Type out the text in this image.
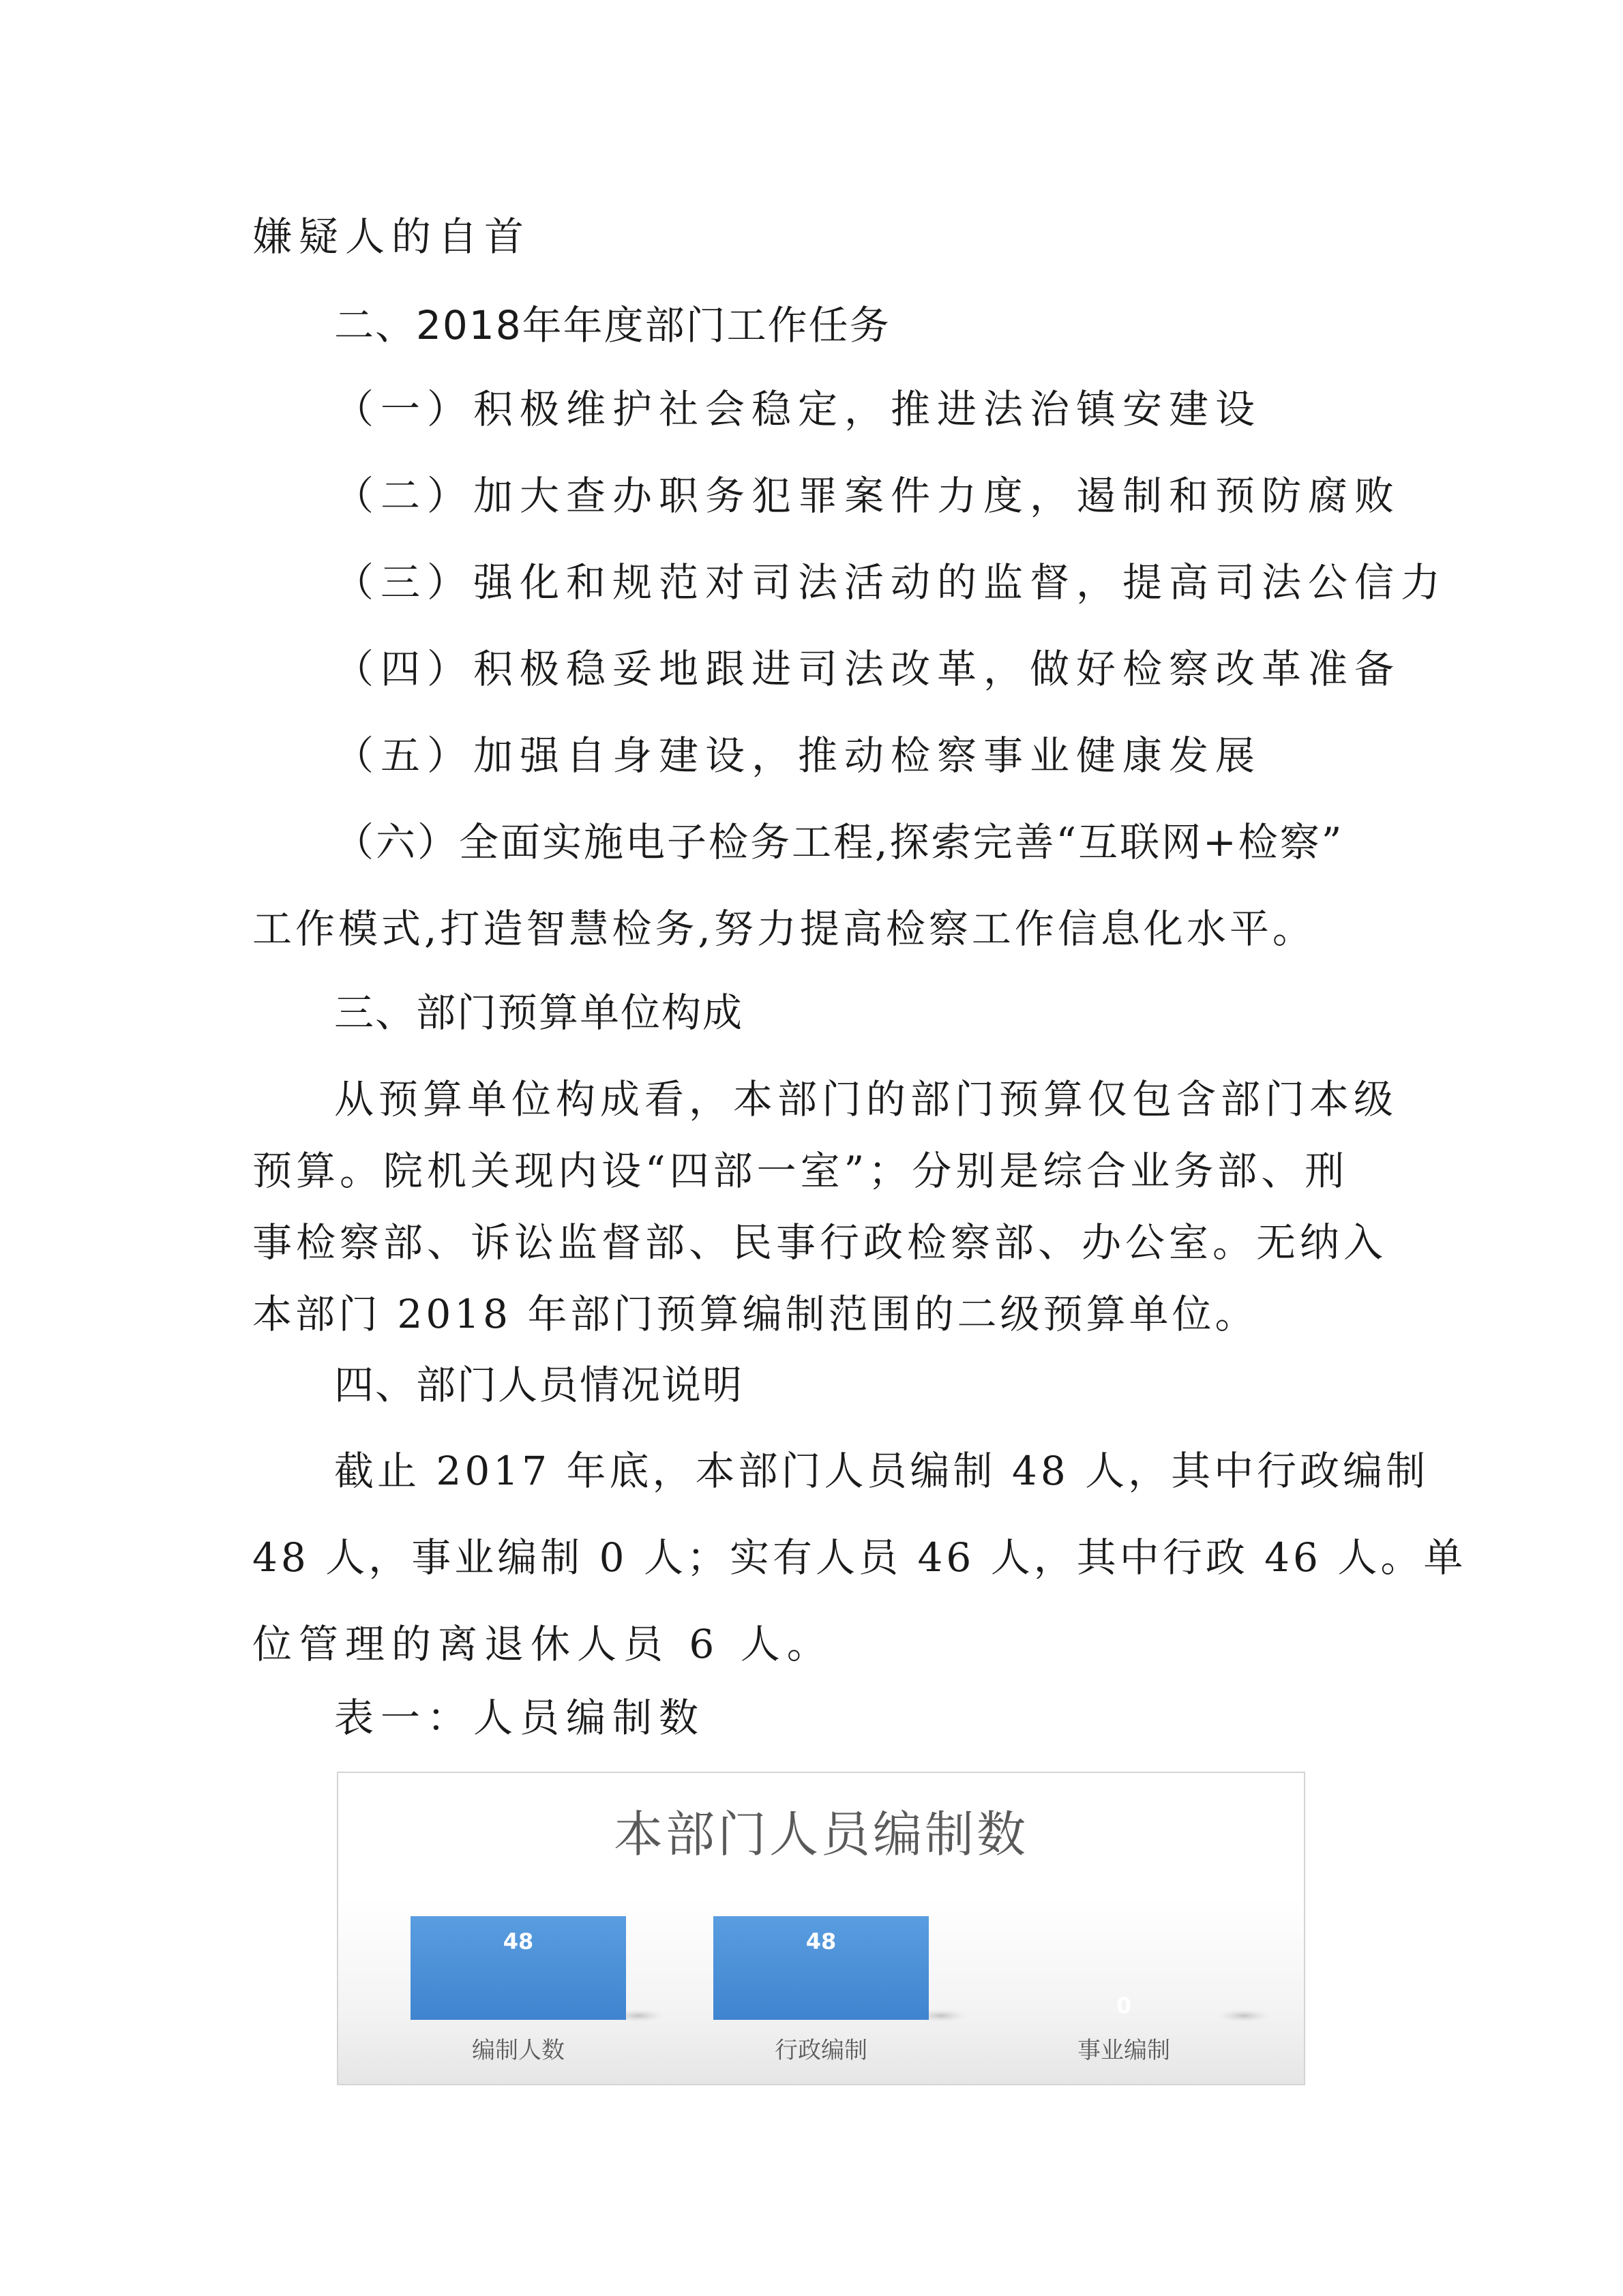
嫌疑人的自首
二、2018年年度部门工作任务
（一）积极维护社会稳定，推进法治镇安建设
（二）加大查办职务犯罪案件力度，遏制和预防腐败
（三）强化和规范对司法活动的监督，提高司法公信力
（四）积极稳妥地跟进司法改革，做好检察改革准备
（五）加强自身建设，推动检察事业健康发展
（六）全面实施电子检务工程,探索完善“互联网+检察”
工作模式,打造智慧检务,努力提高检察工作信息化水平。
三、部门预算单位构成
从预算单位构成看，本部门的部门预算仅包含部门本级
预算。院机关现内设“四部一室”；分别是综合业务部、刑
事检察部、诉讼监督部、民事行政检察部、办公室。无纳入
本部门 2018 年部门预算编制范围的二级预算单位。
四、部门人员情况说明
截止 2017 年底，本部门人员编制 48 人，其中行政编制
48 人，事业编制 0 人；实有人员 46 人，其中行政 46 人。单
位管理的离退休人员 6 人。
表一：人员编制数
本部门人员编制数
48
编制人数
48
行政编制
0
事业编制
